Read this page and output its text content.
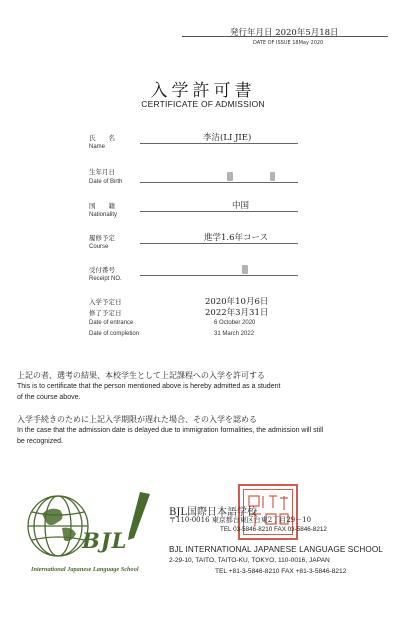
発行年月日 2020年5月18日
DATE OF ISSUE 18May 2020
入学許可書
CERTIFICATE OF ADMISSION
氏　　名
Name
李洁(LI JIE)
生年月日
Date of Birth
国　　籍
Nationality
中国
履修予定
Course
進学1.6年コース
受付番号
Receipt NO.
入学予定日	2020年10月6日
修了予定日	2022年3月31日
Date of entrance	6 October 2020
Date of completion	31 March 2022
上記の者、選考の結果、本校学生として上記課程への入学を許可する
This is to certificate that the person mentioned above is hereby admitted as a student
of the course above.
入学手続きのために上記入学期限が遅れた場合、その入学を認める
In the case that the admission date is delayed due to immigration formalities, the admission will still
be recognized.
BJL
International Japanese Language School
BJL国際日本語学校
〒110-0016 東京都台東区台東2丁目29－10
TEL 03-5846-8210 FAX 03-5846-8212
BJL INTERNATIONAL JAPANESE LANGUAGE SCHOOL
2-29-10, TAITO, TAITO-KU, TOKYO, 110-0016, JAPAN
TEL +81-3-5846-8210 FAX +81-3-5846-8212
